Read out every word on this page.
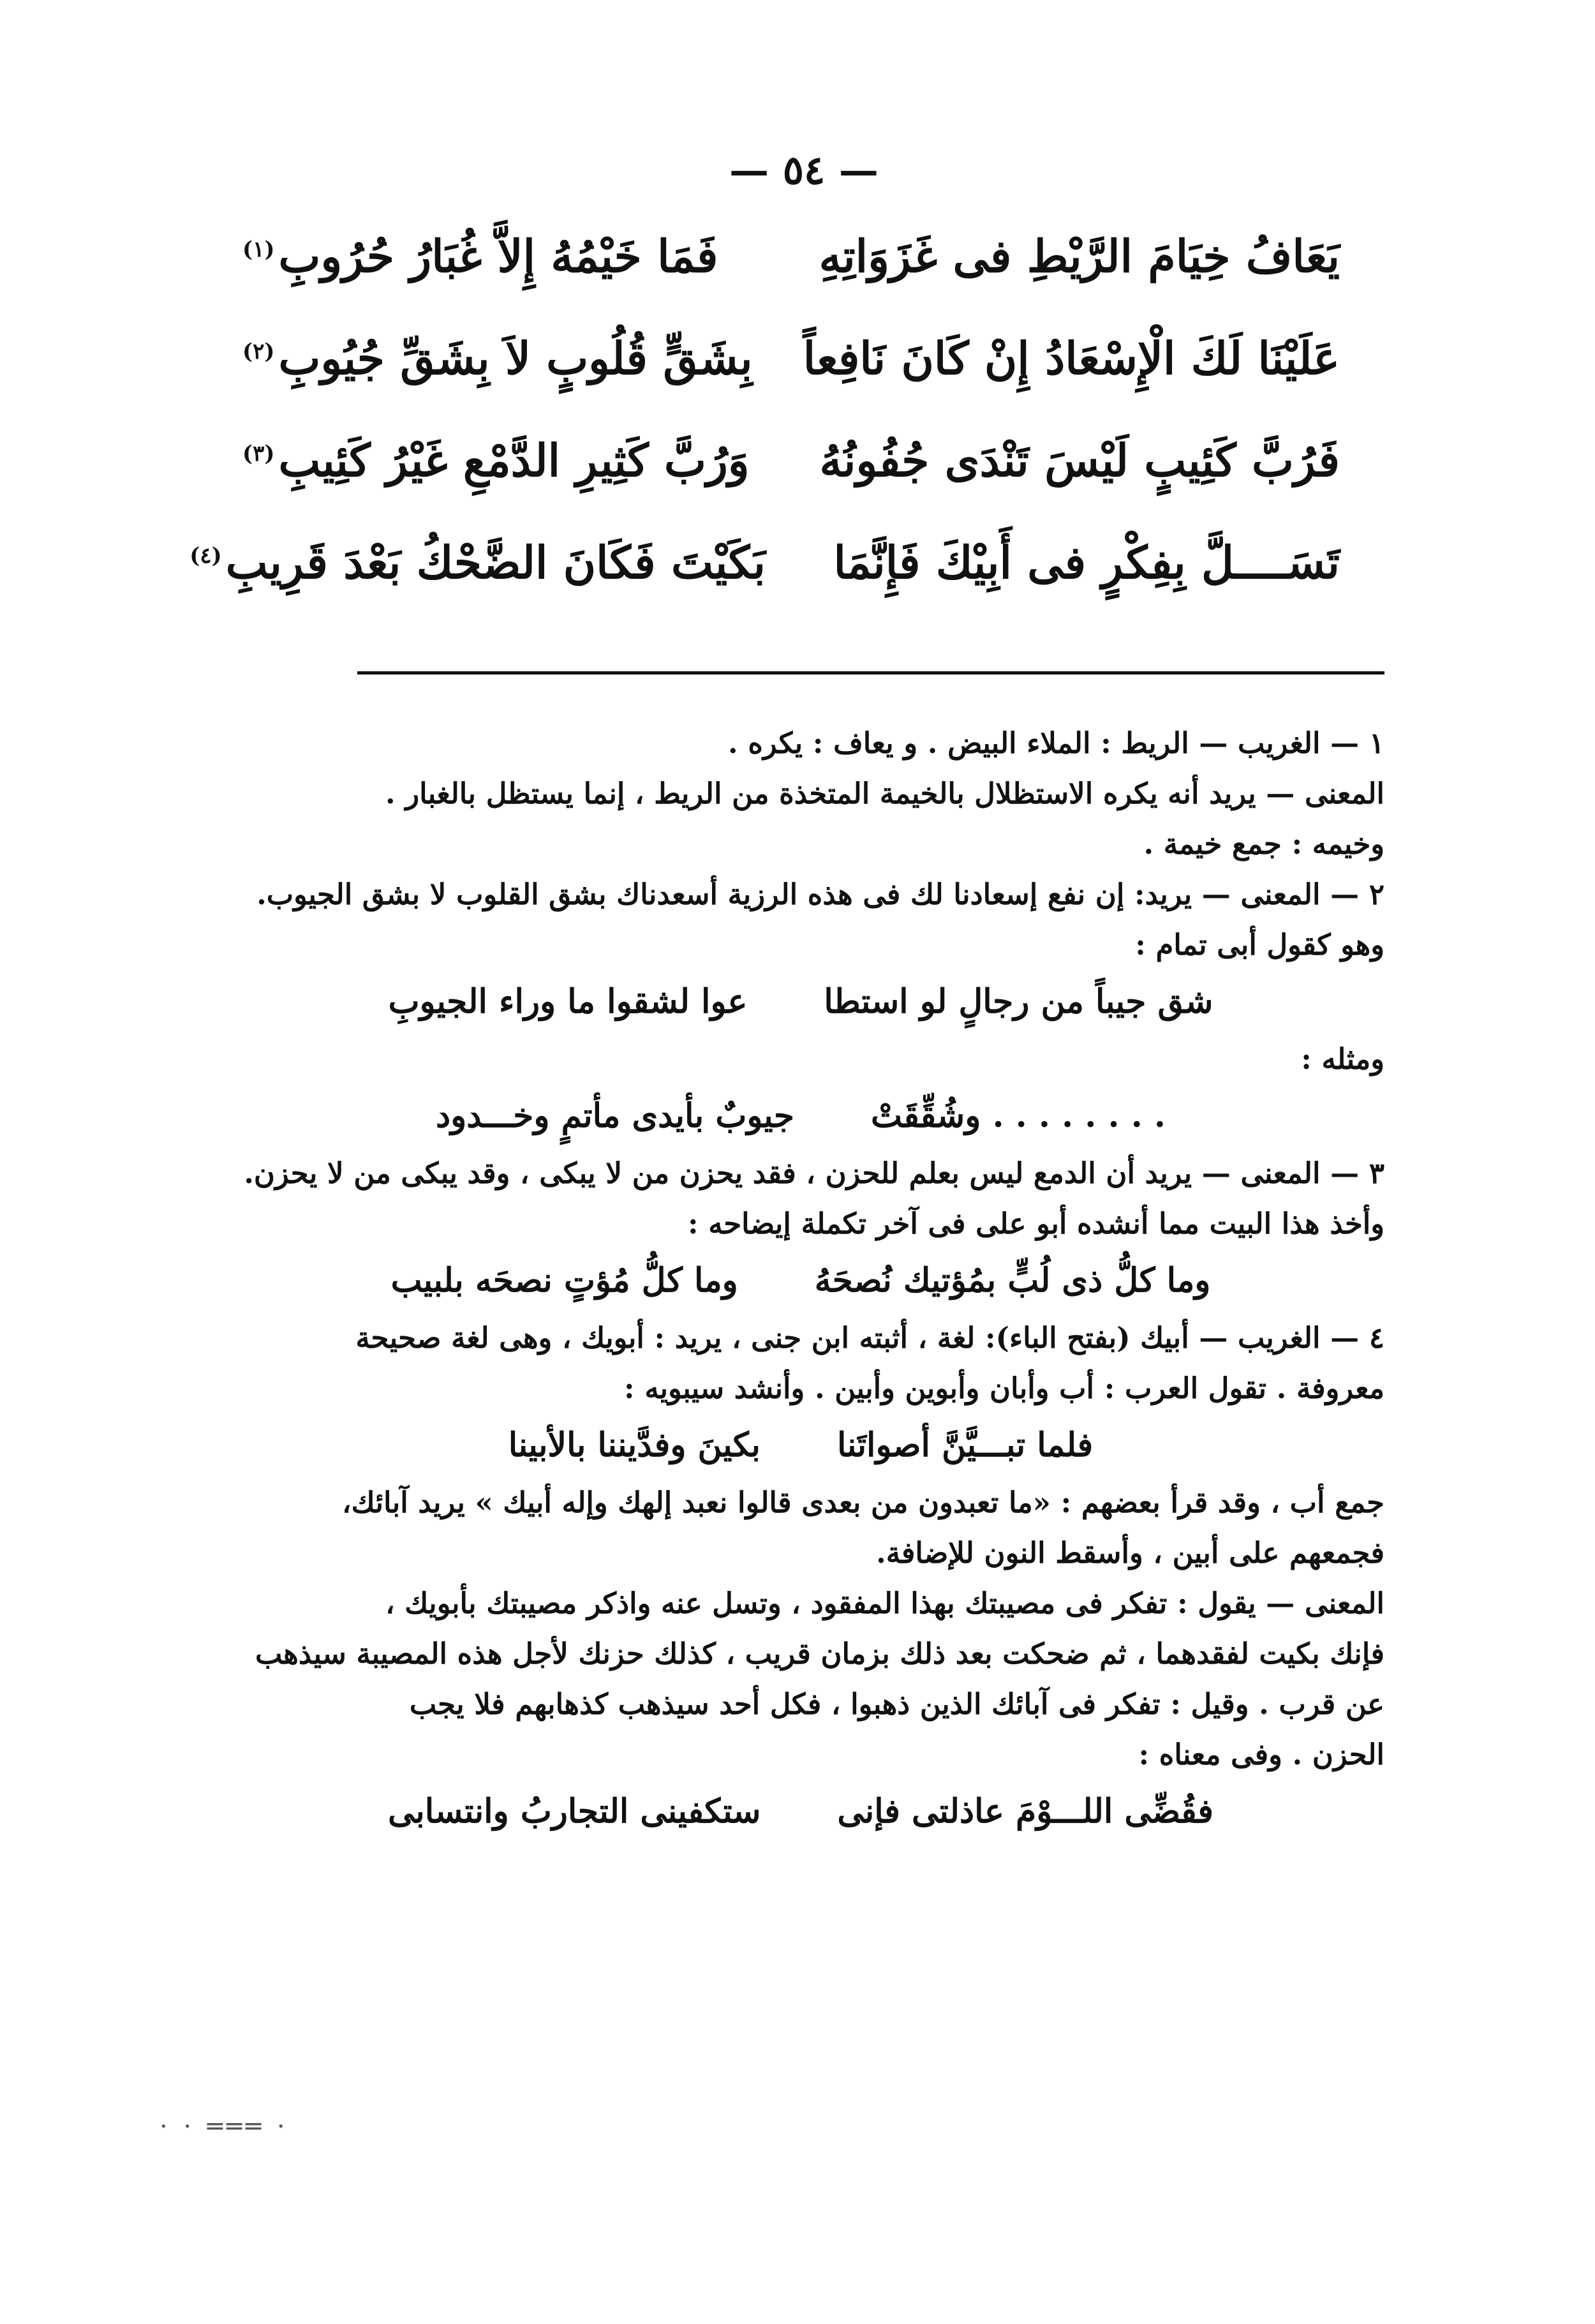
— ٥٤ —
يَعَافُ خِيَامَ الرَّيْطِ فى غَزَوَاتِهِ
فَمَا خَيْمُهُ إِلاَّ غُبَارُ حُرُوبِ$^{(١)}$
عَلَيْنَا لَكَ الْإِسْعَادُ إِنْ كَانَ نَافِعاً
بِشَقٍّ قُلُوبٍ لاَ بِشَقِّ جُيُوبِ$^{(٢)}$
فَرُبَّ كَئِيبٍ لَيْسَ تَنْدَى جُفُونُهُ
وَرُبَّ كَثِيرِ الدَّمْعِ غَيْرُ كَئِيبِ$^{(٣)}$
تَسَــــلَّ بِفِكْرٍ فى أَبِيْكَ فَإِنَّمَا
بَكَيْتَ فَكَانَ الضَّحْكُ بَعْدَ قَرِيبِ$^{(٤)}$

١ — الغريب — الريط : الملاء البيض . و يعاف : يكره .

المعنى — يريد أنه يكره الاستظلال بالخيمة المتخذة من الريط ، إنما يستظل بالغبار .

وخيمه : جمع خيمة .

٢ — المعنى — يريد: إن نفع إسعادنا لك فى هذه الرزية أسعدناك بشق القلوب لا بشق الجيوب.

وهو كقول أبى تمام :

شق جيباً من رجالٍ لو استطا
عوا لشقوا ما وراء الجيوبِ

ومثله :

. . . . . . . . وشُقِّقَتْ
جيوبٌ بأيدى مأتمٍ وخـــدود

٣ — المعنى — يريد أن الدمع ليس بعلم للحزن ، فقد يحزن من لا يبكى ، وقد يبكى من لا يحزن.

وأخذ هذا البيت مما أنشده أبو على فى آخر تكملة إيضاحه :

وما كلُّ ذى لُبٍّ بمُؤتيك نُصحَهُ
وما كلُّ مُؤتٍ نصحَه بلبيب

٤ — الغريب — أبيك (بفتح الباء): لغة ، أثبته ابن جنى ، يريد : أبويك ، وهى لغة صحيحة

معروفة . تقول العرب : أب وأبان وأبوين وأبين . وأنشد سيبويه :

فلما تبـــيَّنَّ أصواتَنا
بكينَ وفدَّيننا بالأبينا

جمع أب ، وقد قرأ بعضهم : «ما تعبدون من بعدى قالوا نعبد إلهك وإله أبيك » يريد آبائك،

فجمعهم على أبين ، وأسقط النون للإضافة.

المعنى — يقول : تفكر فى مصيبتك بهذا المفقود ، وتسل عنه واذكر مصيبتك بأبويك ،

فإنك بكيت لفقدهما ، ثم ضحكت بعد ذلك بزمان قريب ، كذلك حزنك لأجل هذه المصيبة سيذهب

عن قرب . وقيل : تفكر فى آبائك الذين ذهبوا ، فكل أحد سيذهب كذهابهم فلا يجب

الحزن . وفى معناه :

فقُضِّى اللـــوْمَ عاذلتى فإنى
ستكفينى التجاربُ وانتسابى
· · ═══ ·
